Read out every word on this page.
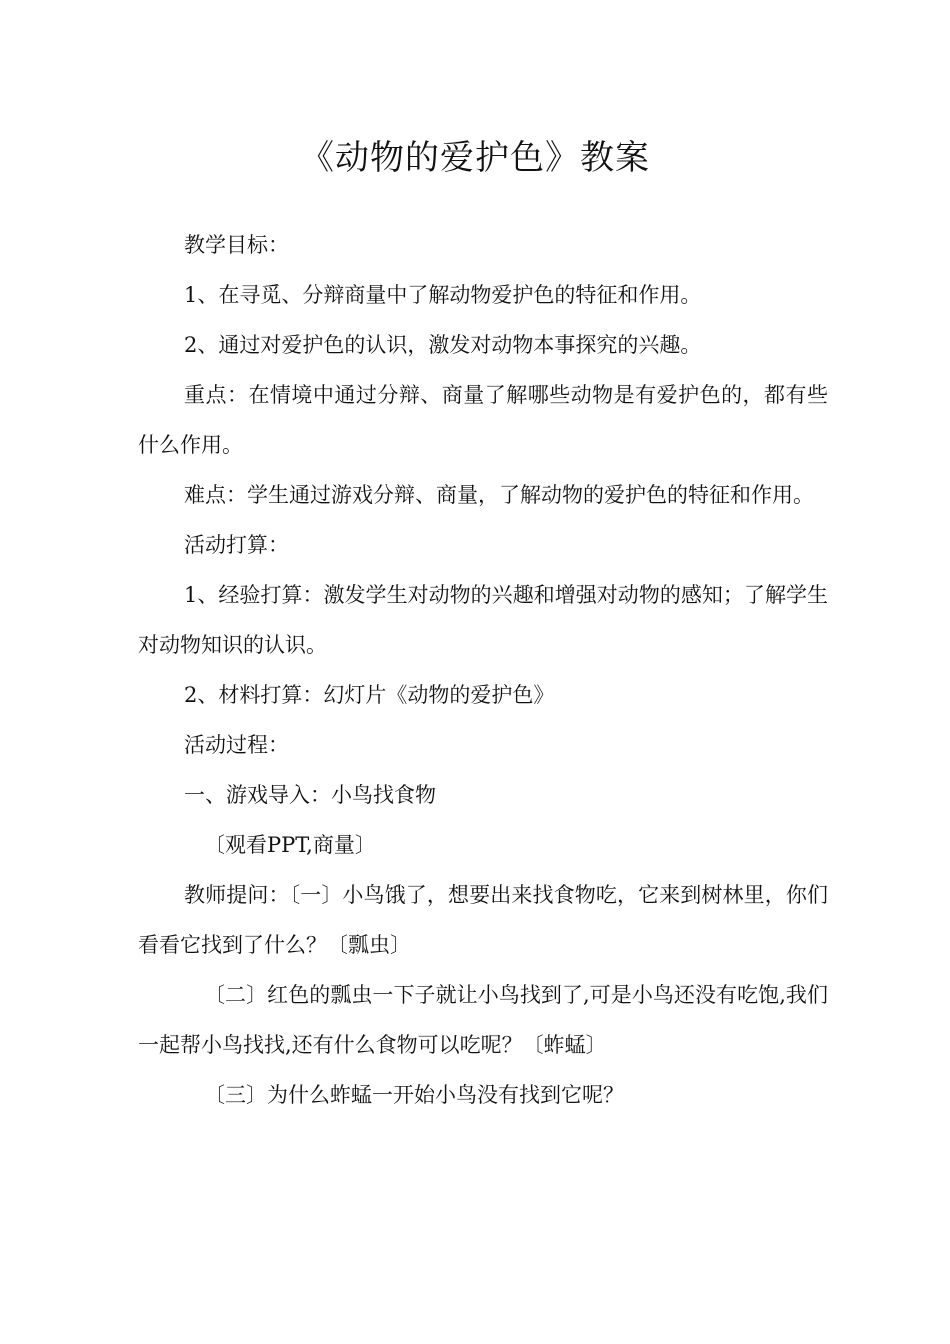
《动物的爱护色》教案

教学目标：

1、在寻觅、分辩商量中了解动物爱护色的特征和作用。

2、通过对爱护色的认识，激发对动物本事探究的兴趣。

重点：在情境中通过分辩、商量了解哪些动物是有爱护色的，都有些什么作用。

难点：学生通过游戏分辩、商量，了解动物的爱护色的特征和作用。

活动打算：

1、经验打算：激发学生对动物的兴趣和增强对动物的感知；了解学生对动物知识的认识。

2、材料打算：幻灯片《动物的爱护色》

活动过程：

一、游戏导入：小鸟找食物

〔观看PPT,商量〕

教师提问：〔一〕小鸟饿了，想要出来找食物吃，它来到树林里，你们看看它找到了什么？〔瓢虫〕

〔二〕红色的瓢虫一下子就让小鸟找到了,可是小鸟还没有吃饱,我们一起帮小鸟找找,还有什么食物可以吃呢？〔蚱蜢〕

〔三〕为什么蚱蜢一开始小鸟没有找到它呢？
